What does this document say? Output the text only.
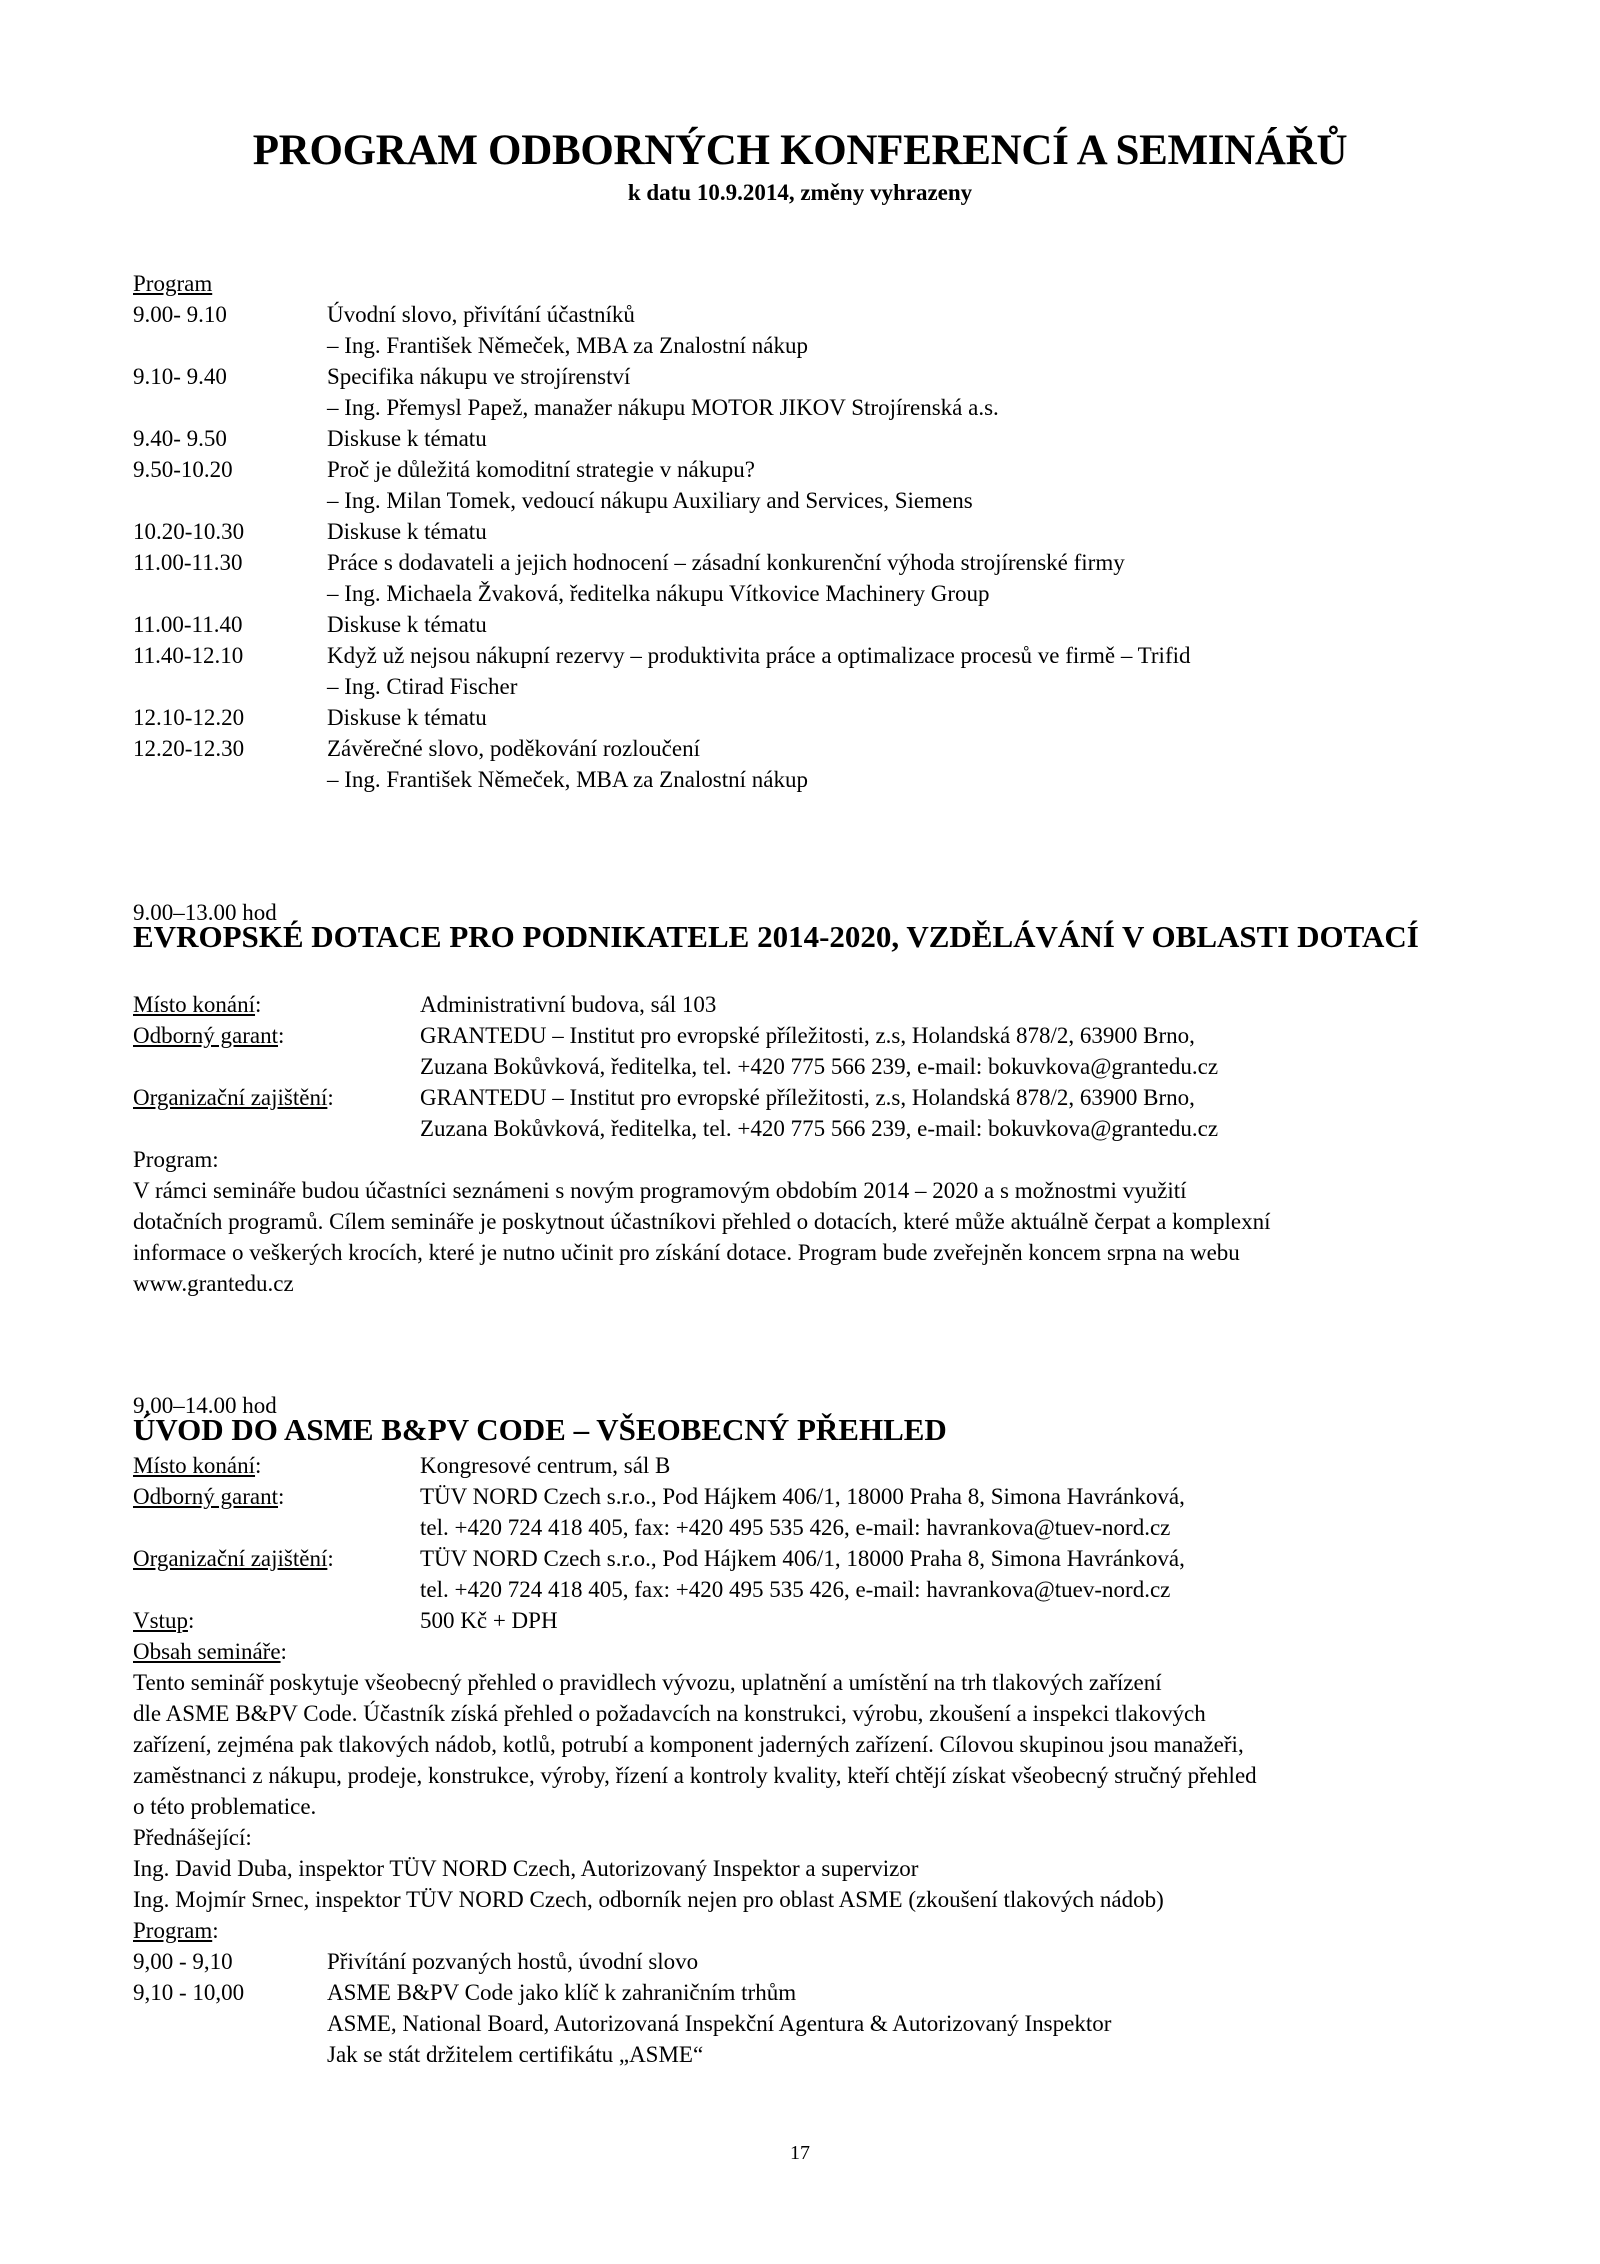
PROGRAM ODBORNÝCH KONFERENCÍ A SEMINÁŘŮ
k datu 10.9.2014, změny vyhrazeny
Program
9.00- 9.10	Úvodní slovo, přivítání účastníků
– Ing. František Němeček, MBA za Znalostní nákup
9.10- 9.40	Specifika nákupu ve strojírenství
– Ing. Přemysl Papež, manažer nákupu MOTOR JIKOV Strojírenská a.s.
9.40- 9.50	Diskuse k tématu
9.50-10.20	Proč je důležitá komoditní strategie v nákupu?
– Ing. Milan Tomek, vedoucí nákupu Auxiliary and Services, Siemens
10.20-10.30	Diskuse k tématu
11.00-11.30	Práce s dodavateli a jejich hodnocení – zásadní konkurenční výhoda strojírenské firmy
– Ing. Michaela Žvaková, ředitelka nákupu Vítkovice Machinery Group
11.00-11.40	Diskuse k tématu
11.40-12.10	Když už nejsou nákupní rezervy – produktivita práce a optimalizace procesů ve firmě – Trifid
– Ing. Ctirad Fischer
12.10-12.20	Diskuse k tématu
12.20-12.30	Závěrečné slovo, poděkování rozloučení
– Ing. František Němeček, MBA za Znalostní nákup
9.00–13.00 hod
EVROPSKÉ DOTACE PRO PODNIKATELE 2014-2020, VZDĚLÁVÁNÍ V OBLASTI DOTACÍ
Místo konání:	Administrativní budova, sál 103
Odborný garant:	GRANTEDU – Institut pro evropské příležitosti, z.s, Holandská 878/2, 63900 Brno,
Zuzana Bokůvková, ředitelka, tel. +420 775 566 239, e-mail: bokuvkova@grantedu.cz
Organizační zajištění:	GRANTEDU – Institut pro evropské příležitosti, z.s, Holandská 878/2, 63900 Brno,
Zuzana Bokůvková, ředitelka, tel. +420 775 566 239, e-mail: bokuvkova@grantedu.cz
Program:
V rámci semináře budou účastníci seznámeni s novým programovým obdobím 2014 – 2020 a s možnostmi využití
dotačních programů. Cílem semináře je poskytnout účastníkovi přehled o dotacích, které může aktuálně čerpat a komplexní
informace o veškerých krocích, které je nutno učinit pro získání dotace. Program bude zveřejněn koncem srpna na webu
www.grantedu.cz
9,00–14.00 hod
ÚVOD DO ASME B&PV CODE – VŠEOBECNÝ PŘEHLED
Místo konání:	Kongresové centrum, sál B
Odborný garant:	TÜV NORD Czech s.r.o., Pod Hájkem 406/1, 18000 Praha 8, Simona Havránková,
tel. +420 724 418 405, fax: +420 495 535 426, e-mail: havrankova@tuev-nord.cz
Organizační zajištění:	TÜV NORD Czech s.r.o., Pod Hájkem 406/1, 18000 Praha 8, Simona Havránková,
tel. +420 724 418 405, fax: +420 495 535 426, e-mail: havrankova@tuev-nord.cz
Vstup:	500 Kč + DPH
Obsah semináře:
Tento seminář poskytuje všeobecný přehled o pravidlech vývozu, uplatnění a umístění na trh tlakových zařízení
dle ASME B&PV Code. Účastník získá přehled o požadavcích na konstrukci, výrobu, zkoušení a inspekci tlakových
zařízení, zejména pak tlakových nádob, kotlů, potrubí a komponent jaderných zařízení. Cílovou skupinou jsou manažeři,
zaměstnanci z nákupu, prodeje, konstrukce, výroby, řízení a kontroly kvality, kteří chtějí získat všeobecný stručný přehled
o této problematice.
Přednášející:
Ing. David Duba, inspektor TÜV NORD Czech, Autorizovaný Inspektor a supervizor
Ing. Mojmír Srnec, inspektor TÜV NORD Czech, odborník nejen pro oblast ASME (zkoušení tlakových nádob)
Program:
9,00 - 9,10	Přivítání pozvaných hostů, úvodní slovo
9,10 - 10,00	ASME B&PV Code jako klíč k zahraničním trhům
ASME, National Board, Autorizovaná Inspekční Agentura & Autorizovaný Inspektor
Jak se stát držitelem certifikátu „ASME“
17
